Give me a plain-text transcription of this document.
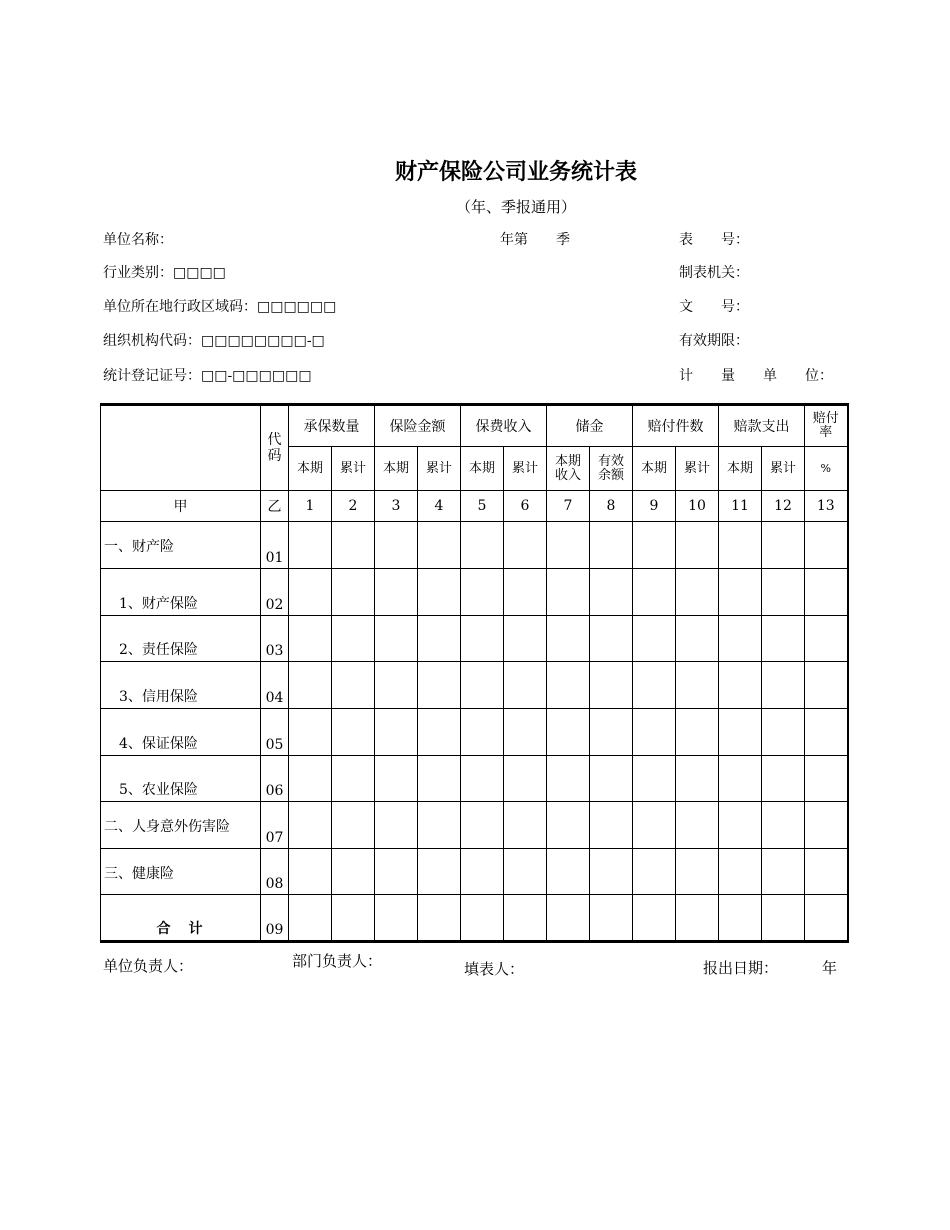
财产保险公司业务统计表
（年、季报通用）
单位名称：	年第　　季	表　　号：
行业类别：□□□□	制表机关：
单位所在地行政区域码：□□□□□□	文　　号：
组织机构代码：□□□□□□□□-□	有效期限：
统计登记证号：□□-□□□□□□	计　　量　　单　　位：
	代码	承保数量		保险金额		保费收入		储金		赔付件数		赔款支出		赔付率
		本期	累计	本期	累计	本期	累计	本期收入	有效余额	本期	累计	本期	累计	%
甲	乙	1	2	3	4	5	6	7	8	9	10	11	12	13
一、财产险	01													
1、财产保险	02													
2、责任保险	03													
3、信用保险	04													
4、保证保险	05													
5、农业保险	06													
二、人身意外伤害险	07													
三、健康险	08													
合　计	09													
单位负责人：	部门负责人：	填表人：	报出日期：	年
